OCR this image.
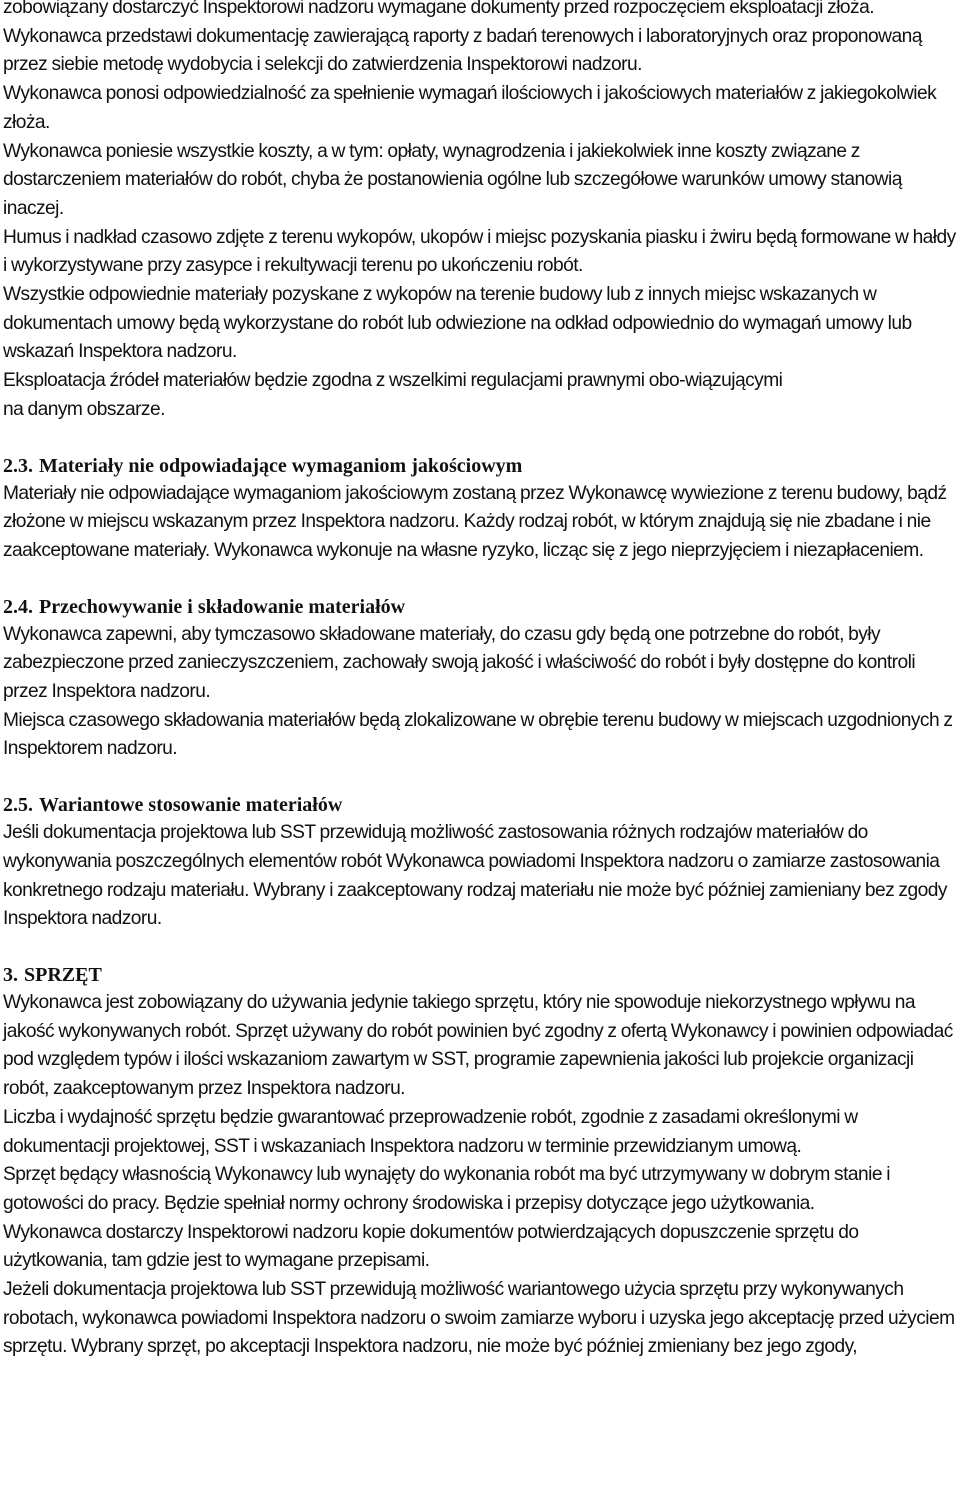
zobowiązany dostarczyć Inspektorowi nadzoru wymagane dokumenty przed rozpoczęciem eksploatacji złoża.

Wykonawca przedstawi dokumentację zawierającą raporty z badań terenowych i laboratoryjnych oraz proponowaną przez siebie metodę wydobycia i selekcji do zatwierdzenia Inspektorowi nadzoru.

Wykonawca ponosi odpowiedzialność za spełnienie wymagań ilościowych i jakościowych materiałów z jakiegokolwiek złoża.

Wykonawca poniesie wszystkie koszty, a w tym: opłaty, wynagrodzenia i jakiekolwiek inne koszty związane z dostarczeniem materiałów do robót, chyba że postanowienia ogólne lub szczegółowe warunków umowy stanowią inaczej.

Humus i nadkład czasowo zdjęte z terenu wykopów, ukopów i miejsc pozyskania piasku i żwiru będą formowane w hałdy i wykorzystywane przy zasypce i rekultywacji terenu po ukończeniu robót.

Wszystkie odpowiednie materiały pozyskane z wykopów na terenie budowy lub z innych miejsc wskazanych w dokumentach umowy będą wykorzystane do robót lub odwiezione na odkład odpowiednio do wymagań umowy lub wskazań Inspektora nadzoru.

Eksploatacja źródeł materiałów będzie zgodna z wszelkimi regulacjami prawnymi obo-wiązującymi na danym obszarze.

2.3. Materiały nie odpowiadające wymaganiom jakościowym

Materiały nie odpowiadające wymaganiom jakościowym zostaną przez Wykonawcę wywiezione z terenu budowy, bądź złożone w miejscu wskazanym przez Inspektora nadzoru. Każdy rodzaj robót, w którym znajdują się nie zbadane i nie zaakceptowane materiały. Wykonawca wykonuje na własne ryzyko, licząc się z jego nieprzyjęciem i niezapłaceniem.

2.4. Przechowywanie i składowanie materiałów

Wykonawca zapewni, aby tymczasowo składowane materiały, do czasu gdy będą one potrzebne do robót, były zabezpieczone przed zanieczyszczeniem, zachowały swoją jakość i właściwość do robót i były dostępne do kontroli przez Inspektora nadzoru.

Miejsca czasowego składowania materiałów będą zlokalizowane w obrębie terenu budowy w miejscach uzgodnionych z Inspektorem nadzoru.

2.5. Wariantowe stosowanie materiałów

Jeśli dokumentacja projektowa lub SST przewidują możliwość zastosowania różnych rodzajów materiałów do wykonywania poszczególnych elementów robót Wykonawca powiadomi Inspektora nadzoru o zamiarze zastosowania konkretnego rodzaju materiału. Wybrany i zaakceptowany rodzaj materiału nie może być później zamieniany bez zgody Inspektora nadzoru.

3. SPRZĘT

Wykonawca jest zobowiązany do używania jedynie takiego sprzętu, który nie spowoduje niekorzystnego wpływu na jakość wykonywanych robót. Sprzęt używany do robót powinien być zgodny z ofertą Wykonawcy i powinien odpowiadać pod względem typów i ilości wskazaniom zawartym w SST, programie zapewnienia jakości lub projekcie organizacji robót, zaakceptowanym przez Inspektora nadzoru.

Liczba i wydajność sprzętu będzie gwarantować przeprowadzenie robót, zgodnie z zasadami określonymi w dokumentacji projektowej, SST i wskazaniach Inspektora nadzoru w terminie przewidzianym umową.

Sprzęt będący własnością Wykonawcy lub wynajęty do wykonania robót ma być utrzymywany w dobrym stanie i gotowości do pracy. Będzie spełniał normy ochrony środowiska i przepisy dotyczące jego użytkowania.

Wykonawca dostarczy Inspektorowi nadzoru kopie dokumentów potwierdzających dopuszczenie sprzętu do użytkowania, tam gdzie jest to wymagane przepisami.

Jeżeli dokumentacja projektowa lub SST przewidują możliwość wariantowego użycia sprzętu przy wykonywanych robotach, wykonawca powiadomi Inspektora nadzoru o swoim zamiarze wyboru i uzyska jego akceptację przed użyciem sprzętu. Wybrany sprzęt, po akceptacji Inspektora nadzoru, nie może być później zmieniany bez jego zgody,
